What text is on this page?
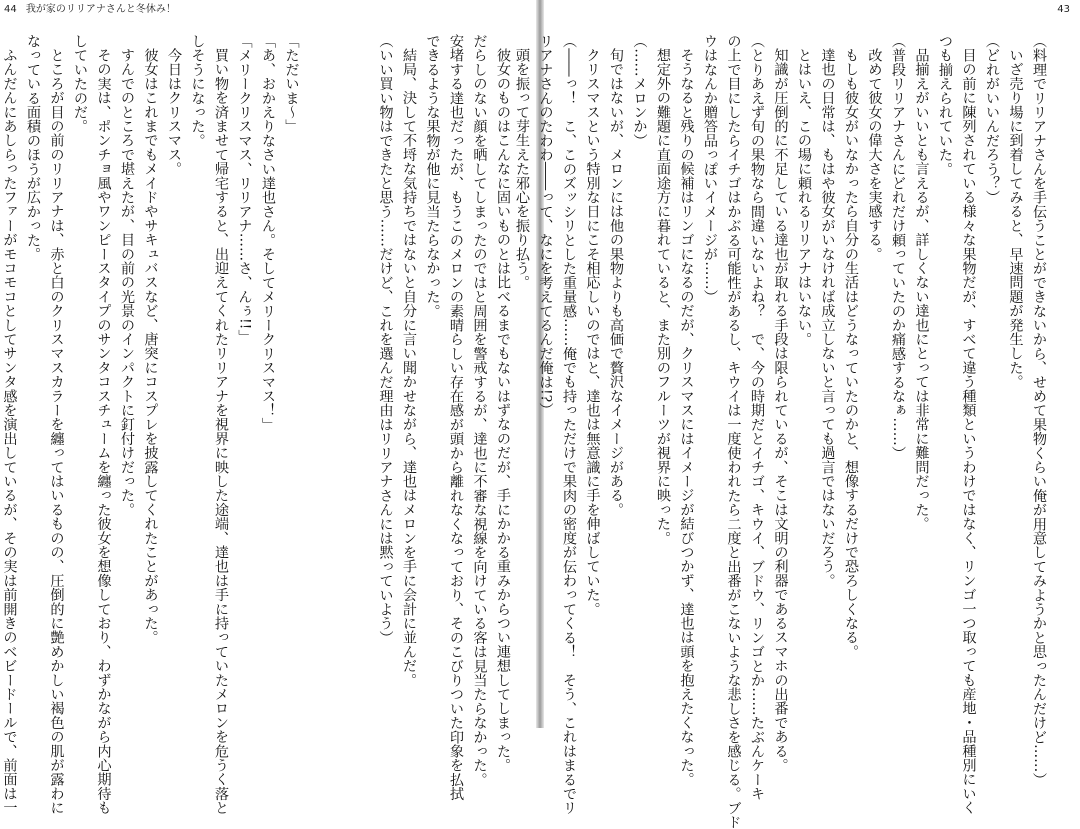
44 我が家のリリアナさんと冬休み！
彼女のものはこんなに固いものとは比べるまでもないはずなのだが、手にかかる重みからつい連想してしまった。
だらしのない顔を晒してしまったのではと周囲を警戒するが、達也に不審な視線を向けている客は見当たらなかった。
安堵する達也だったが、もうこのメロンの素晴らしい存在感が頭から離れなくなっており、そのこびりついた印象を払拭
できるような果物が他に見当たらなかった。
結局、決して不埒な気持ちではないと自分に言い聞かせながら、達也はメロンを手に会計に並んだ。
（いい買い物はできたと思う……だけど、これを選んだ理由はリリアナさんには黙っていよう）

「ただいま〜」
「あ、おかえりなさい達也さん。そしてメリークリスマス！」
「メリークリスマス、リリアナ……さ、んぅ!!」
買い物を済ませて帰宅すると、出迎えてくれたリリアナを視界に映した途端、達也は手に持っていたメロンを危うく落と
しそうになった。
今日はクリスマス。
彼女はこれまでもメイドやサキュバスなど、唐突にコスプレを披露してくれたことがあった。
すんでのところで堪えたが、目の前の光景のインパクトに釘付けだった。
その実は、ポンチョ風やワンピースタイプのサンタコスチュームを纏った彼女を想像しており、わずかながら内心期待も
していたのだ。
ところが目の前のリリアナは、赤と白のクリスマスカラーを纏ってはいるものの、圧倒的に艶めかしい褐色の肌が露わに
なっている面積のほうが広かった。
ふんだんにあしらったファーがモコモコとしてサンタ感を演出しているが、その実は前開きのベビードールで、前面は一
43
（料理でリリアナさんを手伝うことができないから、せめて果物くらい俺が用意してみようかと思ったんだけど……）
いざ売り場に到着してみると、早速問題が発生した。
（どれがいいんだろう？）
目の前に陳列されている様々な果物だが、すべて違う種類というわけではなく、リンゴ一つ取っても産地・品種別にいく
つも揃えられていた。
品揃えがいいとも言えるが、詳しくない達也にとっては非常に難問だった。
（普段リリアナさんにどれだけ頼っていたのか痛感するなぁ……）
改めて彼女の偉大さを実感する。
もしも彼女がいなかったら自分の生活はどうなっていたのかと、想像するだけで恐ろしくなる。
達也の日常は、もはや彼女がいなければ成立しないと言っても過言ではないだろう。
とはいえ、この場に頼れるリリアナはいない。
知識が圧倒的に不足している達也が取れる手段は限られているが、そこは文明の利器であるスマホの出番である。
（とりあえず旬の果物なら間違いないよね？　で、今の時期だとイチゴ、キウイ、ブドウ、リンゴとか……たぶんケーキ
の上で目にしたらイチゴはかぶる可能性があるし、キウイは一度使われたら二度と出番がこないような悲しさを感じる。ブド
ウはなんか贈答品っぽいイメージが……）
そうなると残りの候補はリンゴになるのだが、クリスマスにはイメージが結びつかず、達也は頭を抱えたくなった。
想定外の難題に直面途方に暮れていると、また別のフルーツが視界に映った。
（……メロンか）
旬ではないが、メロンには他の果物よりも高価で贅沢なイメージがある。
クリスマスという特別な日にこそ相応しいのではと、達也は無意識に手を伸ばしていた。
（――っ！　こ、このズッシリとした重量感……俺でも持っただけで果肉の密度が伝わってくる！　そう、これはまるでリ
リアナさんのたわわ――って、なにを考えてるんだ俺は!?）
頭を振って芽生えた邪心を振り払う。
